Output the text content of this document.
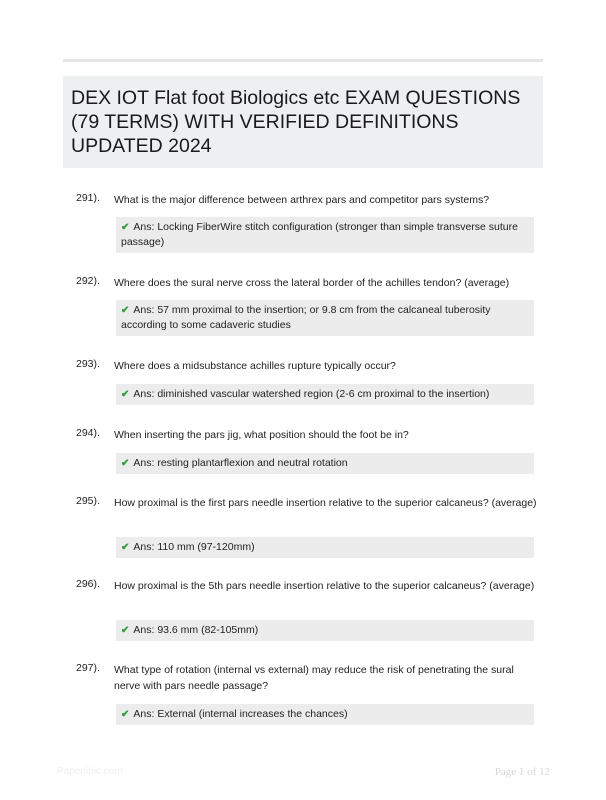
DEX IOT Flat foot Biologics etc EXAM QUESTIONS (79 TERMS) WITH VERIFIED DEFINITIONS UPDATED 2024
291). What is the major difference between arthrex pars and competitor pars systems?
✔ Ans: Locking FiberWire stitch configuration (stronger than simple transverse suture passage)
292). Where does the sural nerve cross the lateral border of the achilles tendon? (average)
✔ Ans: 57 mm proximal to the insertion; or 9.8 cm from the calcaneal tuberosity according to some cadaveric studies
293). Where does a midsubstance achilles rupture typically occur?
✔ Ans: diminished vascular watershed region (2-6 cm proximal to the insertion)
294). When inserting the pars jig, what position should the foot be in?
✔ Ans: resting plantarflexion and neutral rotation
295). How proximal is the first pars needle insertion relative to the superior calcaneus? (average)
✔ Ans: 110 mm (97-120mm)
296). How proximal is the 5th pars needle insertion relative to the superior calcaneus? (average)
✔ Ans: 93.6 mm (82-105mm)
297). What type of rotation (internal vs external) may reduce the risk of penetrating the sural nerve with pars needle passage?
✔ Ans: External (internal increases the chances)
Paperlibic.com	Page 1 of 12
